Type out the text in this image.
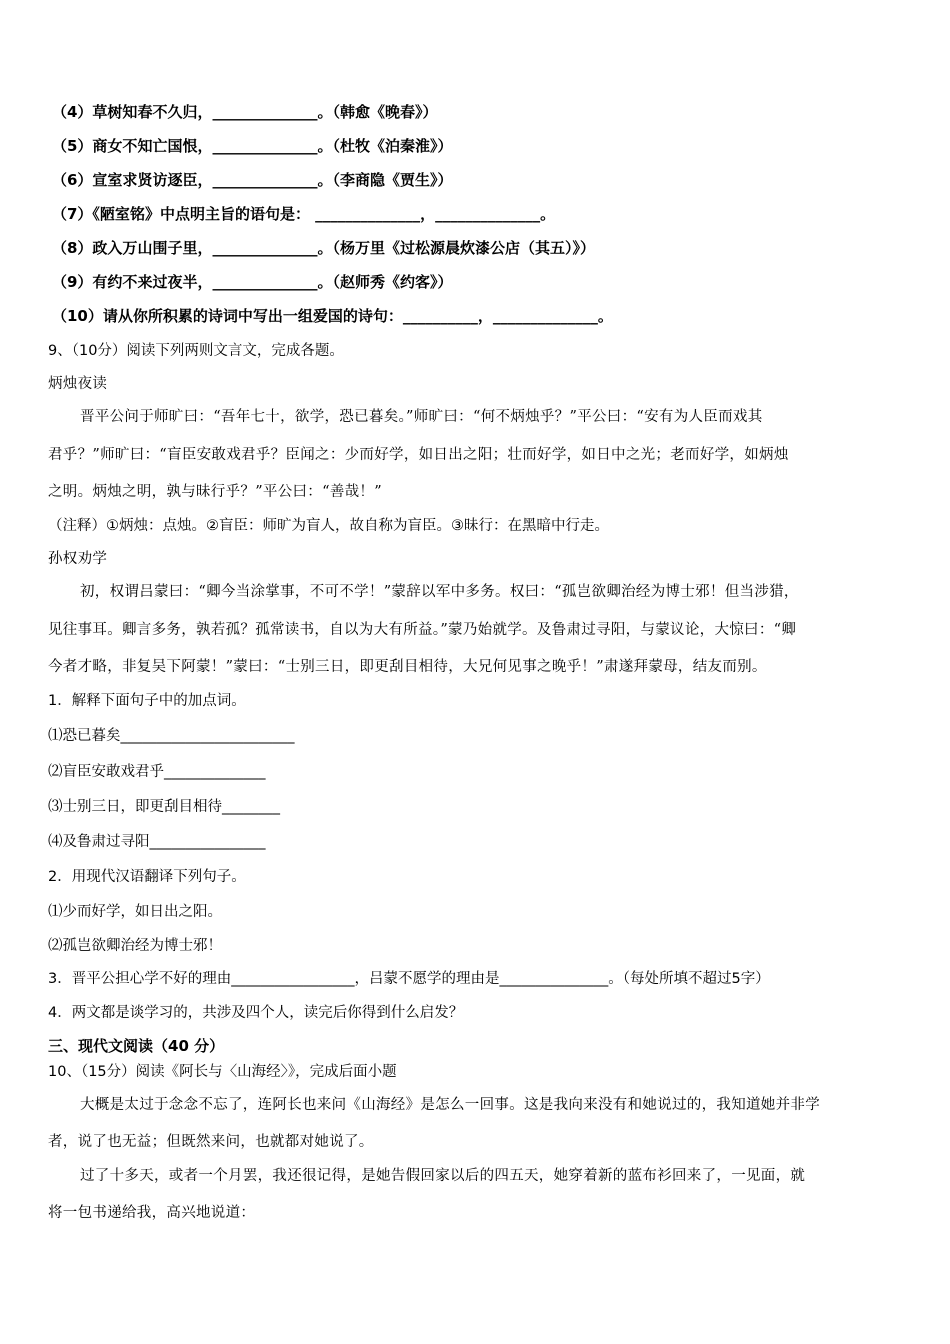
（4）草树知春不久归，______________。（韩愈《晚春》）
（5）商女不知亡国恨，______________。（杜牧《泊秦淮》）
（6）宣室求贤访逐臣，______________。（李商隐《贾生》）
（7）《陋室铭》中点明主旨的语句是： ______________，______________。
（8）政入万山围子里，______________。（杨万里《过松源晨炊漆公店（其五）》）
（9）有约不来过夜半，______________。（赵师秀《约客》）
（10）请从你所积累的诗词中写出一组爱国的诗句：__________，______________。
9、（10分）阅读下列两则文言文，完成各题。
炳烛夜读
晋平公问于师旷曰：“吾年七十，欲学，恐已暮矣。”师旷曰：“何不炳烛乎？”平公曰：“安有为人臣而戏其
君乎？”师旷曰：“盲臣安敢戏君乎？臣闻之：少而好学，如日出之阳；壮而好学，如日中之光；老而好学，如炳烛
之明。炳烛之明，孰与昧行乎？”平公曰：“善哉！”
（注释）①炳烛：点烛。②盲臣：师旷为盲人，故自称为盲臣。③昧行：在黑暗中行走。
孙权劝学
初，权谓吕蒙曰：“卿今当涂掌事，不可不学！”蒙辞以军中多务。权曰：“孤岂欲卿治经为博士邪！但当涉猎，
见往事耳。卿言多务，孰若孤？孤常读书，自以为大有所益。”蒙乃始就学。及鲁肃过寻阳，与蒙议论，大惊曰：“卿
今者才略，非复吴下阿蒙！”蒙曰：“士别三日，即更刮目相待，大兄何见事之晚乎！”肃遂拜蒙母，结友而别。
1．解释下面句子中的加点词。
⑴恐已暮矣________________________
⑵盲臣安敢戏君乎______________
⑶士别三日，即更刮目相待________
⑷及鲁肃过寻阳________________
2．用现代汉语翻译下列句子。
⑴少而好学，如日出之阳。
⑵孤岂欲卿治经为博士邪！
3．晋平公担心学不好的理由_________________，吕蒙不愿学的理由是_______________。（每处所填不超过5字）
4．两文都是谈学习的，共涉及四个人，读完后你得到什么启发？
三、现代文阅读（40 分）
10、（15分）阅读《阿长与〈山海经〉》，完成后面小题
大概是太过于念念不忘了，连阿长也来问《山海经》是怎么一回事。这是我向来没有和她说过的，我知道她并非学
者，说了也无益；但既然来问，也就都对她说了。
过了十多天，或者一个月罢，我还很记得，是她告假回家以后的四五天，她穿着新的蓝布衫回来了，一见面，就
将一包书递给我，高兴地说道：
